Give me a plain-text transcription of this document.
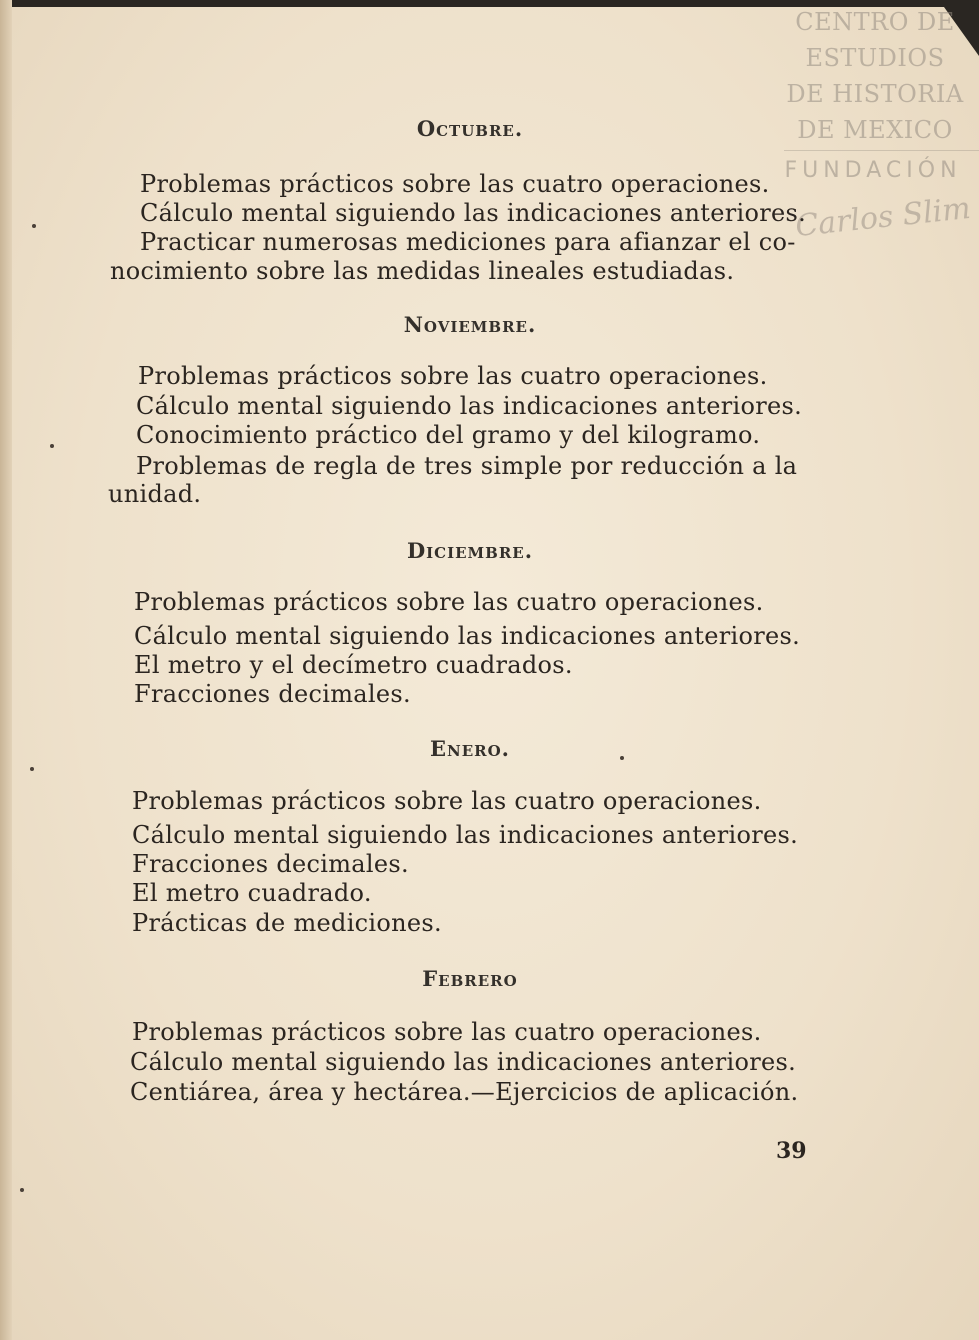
CENTRO DE
ESTUDIOS
DE HISTORIA
DE MEXICO
FUNDACIÓN
Carlos Slim
Octubre.
Problemas prácticos sobre las cuatro operaciones.
Cálculo mental siguiendo las indicaciones anteriores.
Practicar numerosas mediciones para afianzar el co-
nocimiento sobre las medidas lineales estudiadas.
Noviembre.
Problemas prácticos sobre las cuatro operaciones.
Cálculo mental siguiendo las indicaciones anteriores.
Conocimiento práctico del gramo y del kilogramo.
Problemas de regla de tres simple por reducción a la
unidad.
Diciembre.
Problemas prácticos sobre las cuatro operaciones.
Cálculo mental siguiendo las indicaciones anteriores.
El metro y el decímetro cuadrados.
Fracciones decimales.
Enero.
Problemas prácticos sobre las cuatro operaciones.
Cálculo mental siguiendo las indicaciones anteriores.
Fracciones decimales.
El metro cuadrado.
Prácticas de mediciones.
Febrero
Problemas prácticos sobre las cuatro operaciones.
Cálculo mental siguiendo las indicaciones anteriores.
Centiárea, área y hectárea.—Ejercicios de aplicación.
39
